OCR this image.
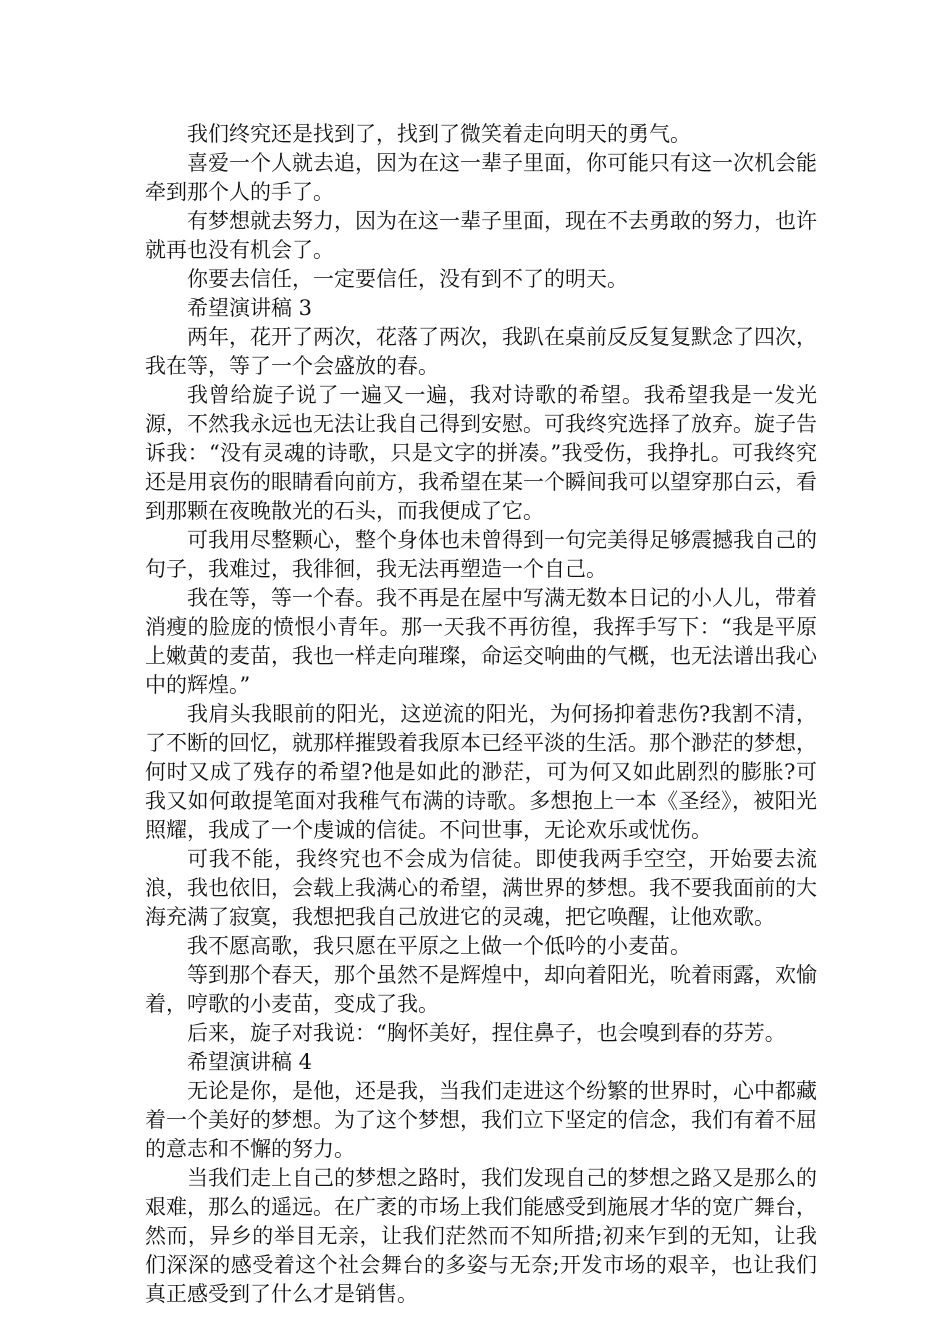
我们终究还是找到了，找到了微笑着走向明天的勇气。

喜爱一个人就去追，因为在这一辈子里面，你可能只有这一次机会能牵到那个人的手了。

有梦想就去努力，因为在这一辈子里面，现在不去勇敢的努力，也许就再也没有机会了。

你要去信任，一定要信任，没有到不了的明天。

希望演讲稿 3

两年，花开了两次，花落了两次，我趴在桌前反反复复默念了四次，我在等，等了一个会盛放的春。

我曾给旋子说了一遍又一遍，我对诗歌的希望。我希望我是一发光源，不然我永远也无法让我自己得到安慰。可我终究选择了放弃。旋子告诉我：“没有灵魂的诗歌，只是文字的拼凑。”我受伤，我挣扎。可我终究还是用哀伤的眼睛看向前方，我希望在某一个瞬间我可以望穿那白云，看到那颗在夜晚散光的石头，而我便成了它。

可我用尽整颗心，整个身体也未曾得到一句完美得足够震撼我自己的句子，我难过，我徘徊，我无法再塑造一个自己。

我在等，等一个春。我不再是在屋中写满无数本日记的小人儿，带着消瘦的脸庞的愤恨小青年。那一天我不再彷徨，我挥手写下：“我是平原上嫩黄的麦苗，我也一样走向璀璨，命运交响曲的气概，也无法谱出我心中的辉煌。”

我肩头我眼前的阳光，这逆流的阳光，为何扬抑着悲伤?我割不清，了不断的回忆，就那样摧毁着我原本已经平淡的生活。那个渺茫的梦想，何时又成了残存的希望?他是如此的渺茫，可为何又如此剧烈的膨胀?可我又如何敢提笔面对我稚气布满的诗歌。多想抱上一本《圣经》，被阳光照耀，我成了一个虔诚的信徒。不问世事，无论欢乐或忧伤。

可我不能，我终究也不会成为信徒。即使我两手空空，开始要去流浪，我也依旧，会载上我满心的希望，满世界的梦想。我不要我面前的大海充满了寂寞，我想把我自己放进它的灵魂，把它唤醒，让他欢歌。

我不愿高歌，我只愿在平原之上做一个低吟的小麦苗。

等到那个春天，那个虽然不是辉煌中，却向着阳光，吮着雨露，欢愉着，哼歌的小麦苗，变成了我。

后来，旋子对我说：“胸怀美好，捏住鼻子，也会嗅到春的芬芳。

希望演讲稿 4

无论是你，是他，还是我，当我们走进这个纷繁的世界时，心中都藏着一个美好的梦想。为了这个梦想，我们立下坚定的信念，我们有着不屈的意志和不懈的努力。

当我们走上自己的梦想之路时，我们发现自己的梦想之路又是那么的艰难，那么的遥远。在广袤的市场上我们能感受到施展才华的宽广舞台，然而，异乡的举目无亲，让我们茫然而不知所措;初来乍到的无知，让我们深深的感受着这个社会舞台的多姿与无奈;开发市场的艰辛，也让我们真正感受到了什么才是销售。
